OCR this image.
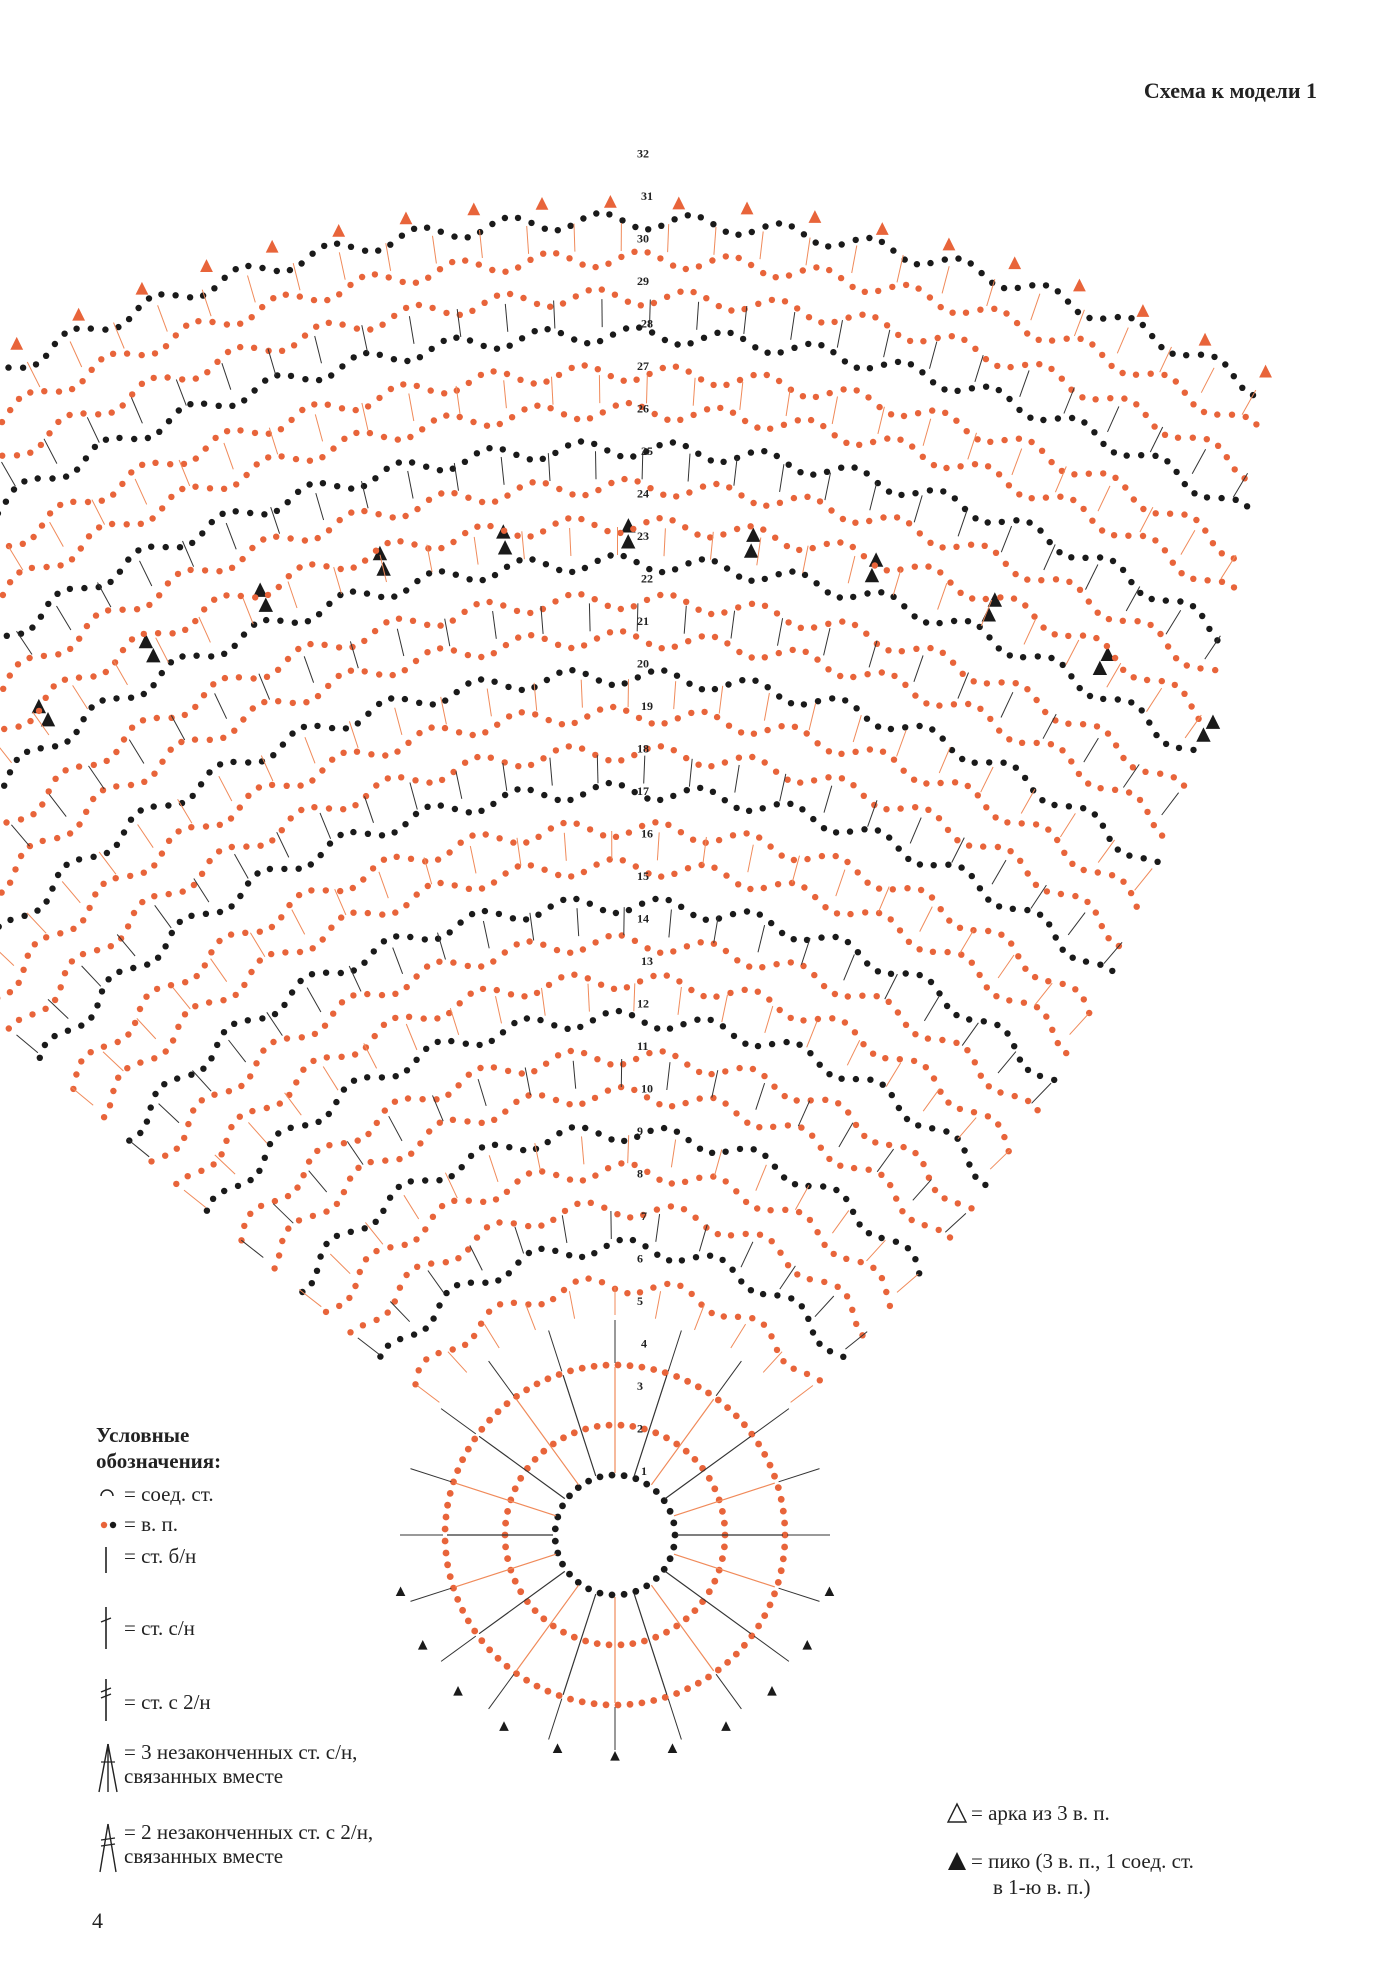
Схема к модели 1
1
2
3
4
5
6
7
8
9
10
11
12
13
14
15
16
17
18
19
20
21
22
23
24
25
26
27
28
29
30
31
32
Условные
обозначения:
= соед. ст.
= в. п.
= ст. б/н
= ст. с/н
= ст. с 2/н
= 3 незаконченных ст. с/н,
связанных вместе
= 2 незаконченных ст. с 2/н,
связанных вместе
= арка из 3 в. п.
= пико (3 в. п., 1 соед. ст.
в 1-ю в. п.)
4
